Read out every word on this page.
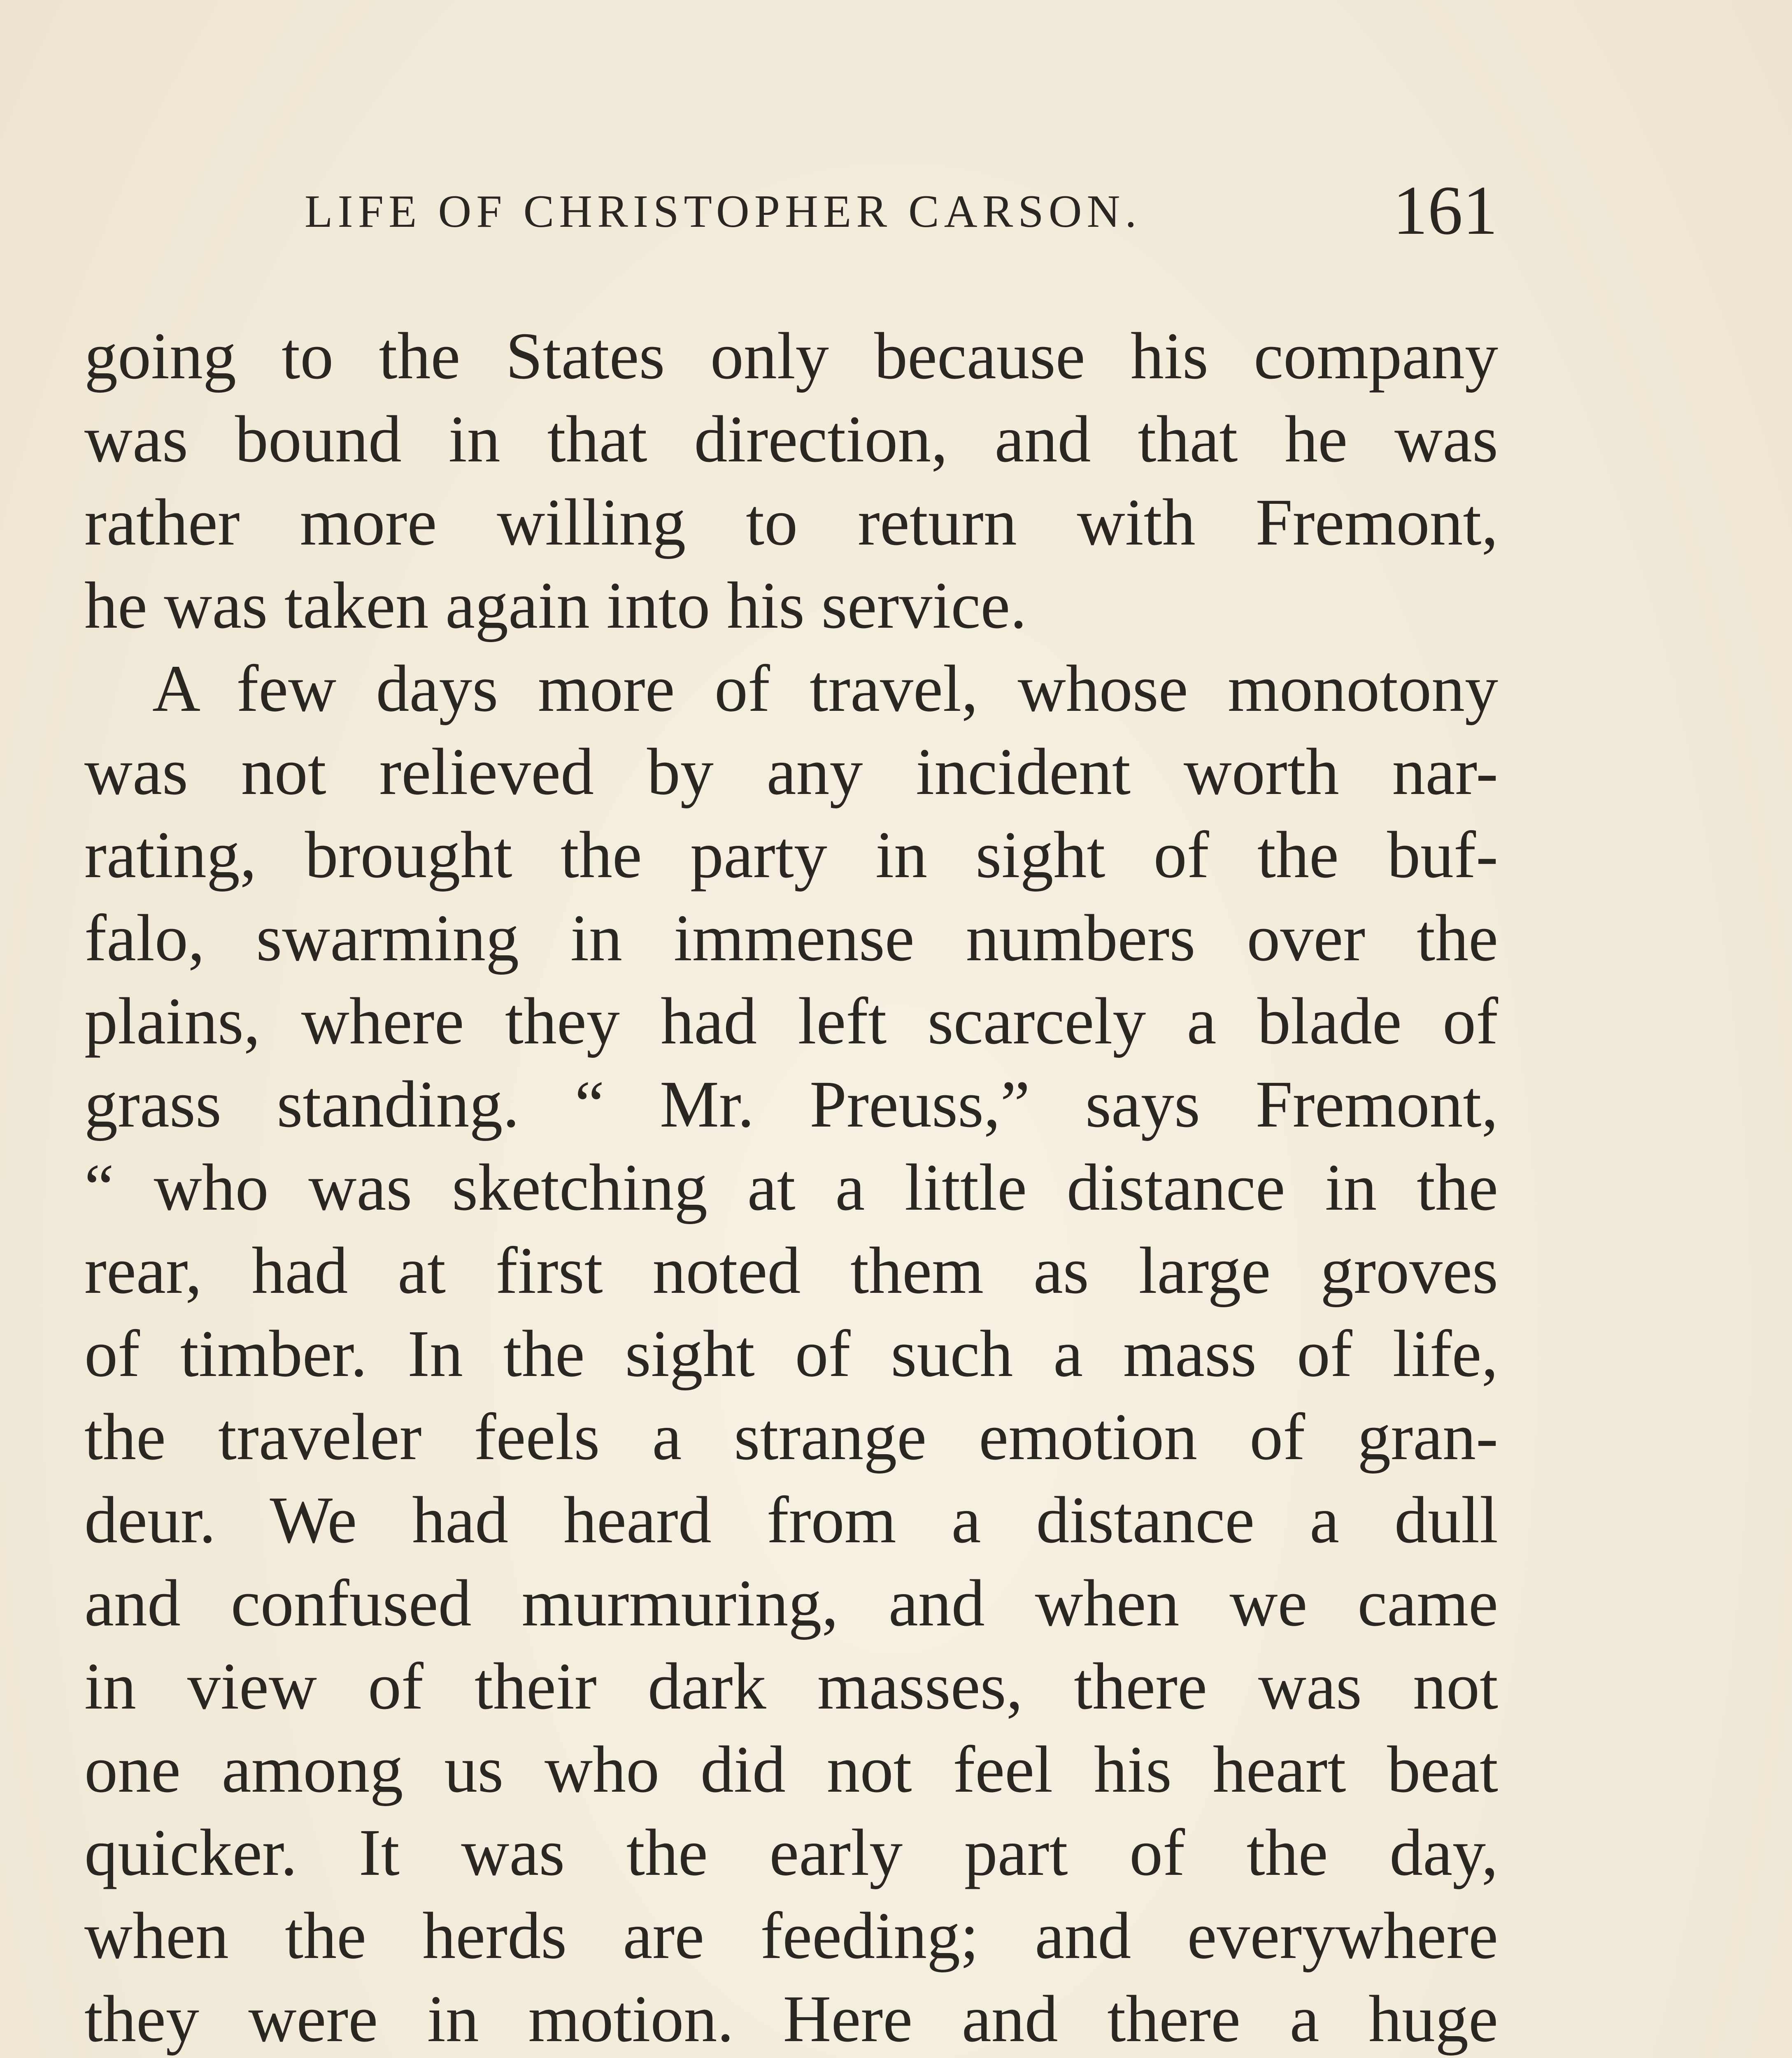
LIFE OF CHRISTOPHER CARSON.	161
going to the States only because his company
was bound in that direction, and that he was
rather more willing to return with Fremont,
he was taken again into his service.
A few days more of travel, whose monotony
was not relieved by any incident worth nar-
rating, brought the party in sight of the buf-
falo, swarming in immense numbers over the
plains, where they had left scarcely a blade of
grass standing. “ Mr. Preuss,” says Fremont,
“ who was sketching at a little distance in the
rear, had at first noted them as large groves
of timber. In the sight of such a mass of life,
the traveler feels a strange emotion of gran-
deur. We had heard from a distance a dull
and confused murmuring, and when we came
in view of their dark masses, there was not
one among us who did not feel his heart beat
quicker. It was the early part of the day,
when the herds are feeding; and everywhere
they were in motion. Here and there a huge
